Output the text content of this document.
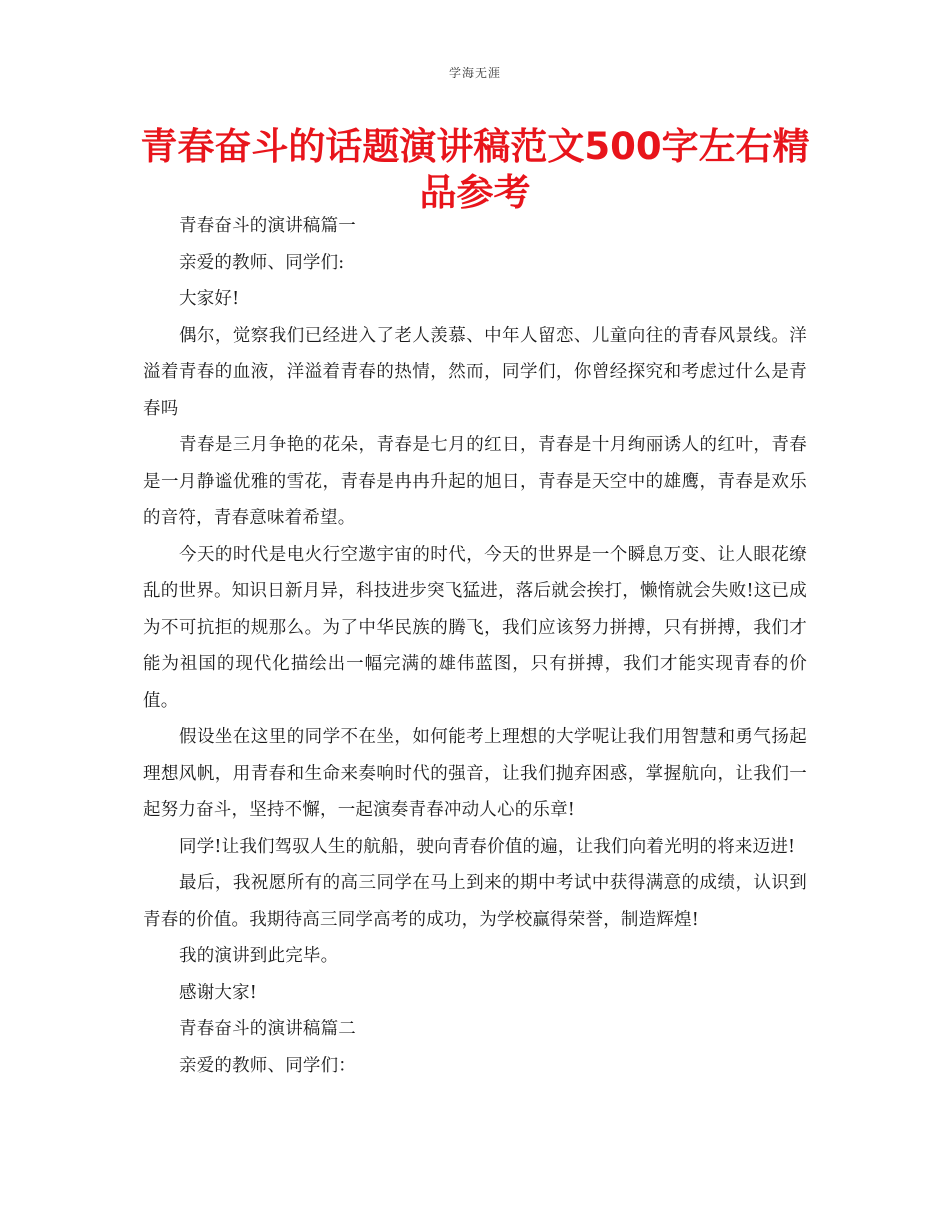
学海无涯
青春奋斗的话题演讲稿范文500字左右精品参考

青春奋斗的演讲稿篇一

亲爱的教师、同学们:

大家好!

偶尔，觉察我们已经进入了老人羡慕、中年人留恋、儿童向往的青春风景线。洋溢着青春的血液，洋溢着青春的热情，然而，同学们，你曾经探究和考虑过什么是青春吗

青春是三月争艳的花朵，青春是七月的红日，青春是十月绚丽诱人的红叶，青春是一月静谧优雅的雪花，青春是冉冉升起的旭日，青春是天空中的雄鹰，青春是欢乐的音符，青春意味着希望。

今天的时代是电火行空遨宇宙的时代，今天的世界是一个瞬息万变、让人眼花缭乱的世界。知识日新月异，科技进步突飞猛进，落后就会挨打，懒惰就会失败!这已成为不可抗拒的规那么。为了中华民族的腾飞，我们应该努力拼搏，只有拼搏，我们才能为祖国的现代化描绘出一幅完满的雄伟蓝图，只有拼搏，我们才能实现青春的价值。

假设坐在这里的同学不在坐，如何能考上理想的大学呢让我们用智慧和勇气扬起理想风帆，用青春和生命来奏响时代的强音，让我们抛弃困惑，掌握航向，让我们一起努力奋斗，坚持不懈，一起演奏青春冲动人心的乐章!

同学!让我们驾驭人生的航船，驶向青春价值的遍，让我们向着光明的将来迈进!

最后，我祝愿所有的高三同学在马上到来的期中考试中获得满意的成绩，认识到青春的价值。我期待高三同学高考的成功，为学校赢得荣誉，制造辉煌!

我的演讲到此完毕。

感谢大家!

青春奋斗的演讲稿篇二

亲爱的教师、同学们：
